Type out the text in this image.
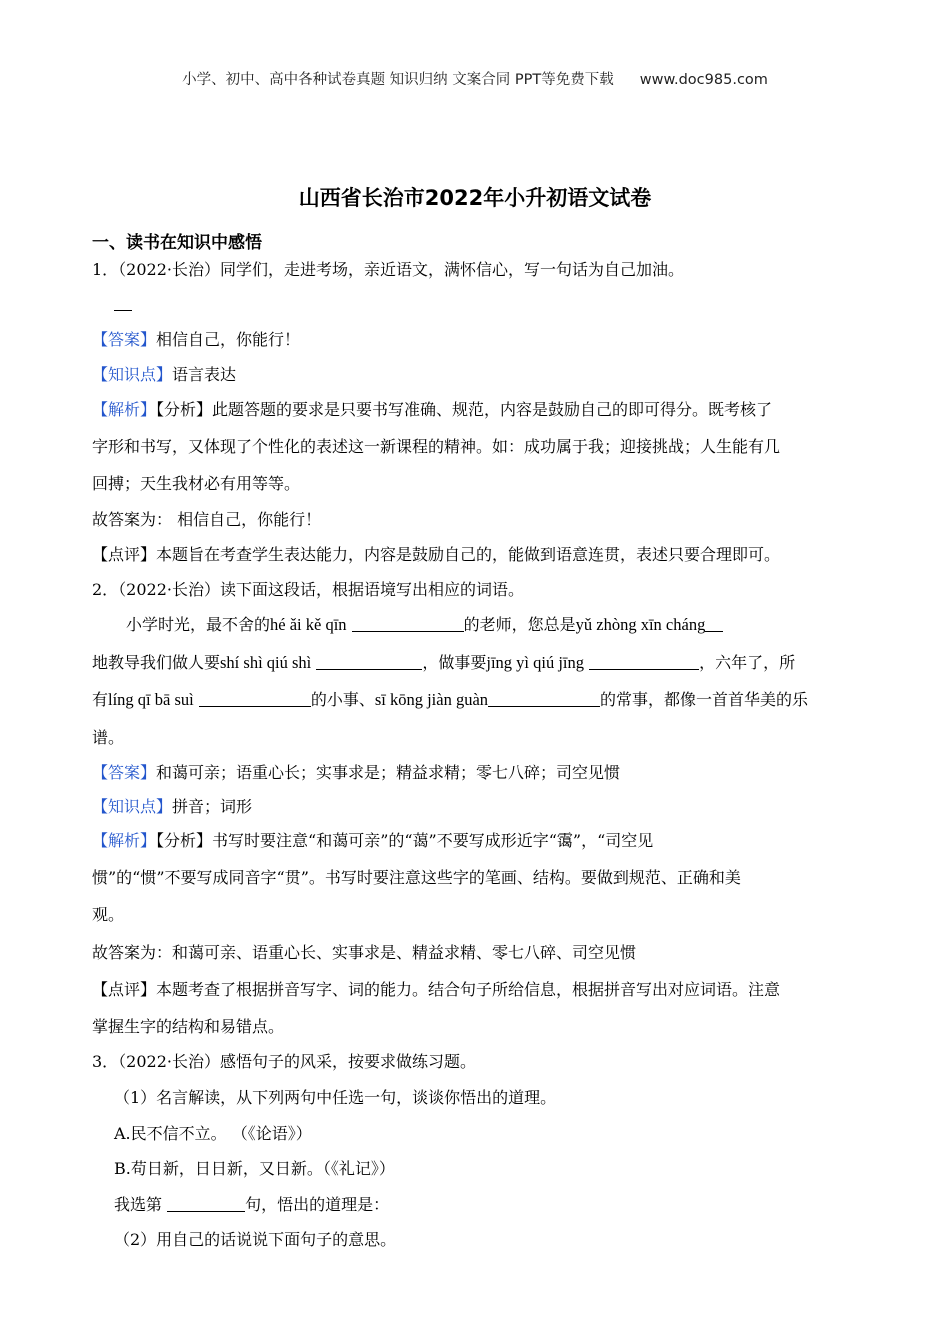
小学、初中、高中各种试卷真题 知识归纳 文案合同 PPT等免费下载 www.doc985.com
山西省长治市2022年小升初语文试卷
一、读书在知识中感悟
1．（2022·长治）同学们，走进考场，亲近语文，满怀信心，写一句话为自己加油。
【答案】相信自己，你能行！
【知识点】语言表达
【解析】【分析】此题答题的要求是只要书写准确、规范，内容是鼓励自己的即可得分。既考核了
字形和书写，又体现了个性化的表述这一新课程的精神。如：成功属于我；迎接挑战；人生能有几
回搏；天生我材必有用等等。
故答案为： 相信自己，你能行！
【点评】本题旨在考查学生表达能力，内容是鼓励自己的，能做到语意连贯，表述只要合理即可。
2．（2022·长治）读下面这段话，根据语境写出相应的词语。
小学时光，最不舍的hé ǎi kě qīn	的老师，您总是yǔ zhòng xīn cháng
地教导我们做人要shí shì qiú shì	，做事要jīng yì qiú jīng	，六年了，所
有líng qī bā suì	的小事、sī kōng jiàn guàn	的常事，都像一首首华美的乐
谱。
【答案】和蔼可亲；语重心长；实事求是；精益求精；零七八碎；司空见惯
【知识点】拼音；词形
【解析】【分析】书写时要注意“和蔼可亲”的“蔼”不要写成形近字“霭”，“司空见
惯”的“惯”不要写成同音字“贯”。书写时要注意这些字的笔画、结构。要做到规范、正确和美
观。
故答案为：和蔼可亲、语重心长、实事求是、精益求精、零七八碎、司空见惯
【点评】本题考查了根据拼音写字、词的能力。结合句子所给信息，根据拼音写出对应词语。注意
掌握生字的结构和易错点。
3．（2022·长治）感悟句子的风采，按要求做练习题。
（1）名言解读，从下列两句中任选一句，谈谈你悟出的道理。
A.民不信不立。 （《论语》）
B.苟日新，日日新，又日新。（《礼记》）
我选第	句，悟出的道理是：
（2）用自己的话说说下面句子的意思。
